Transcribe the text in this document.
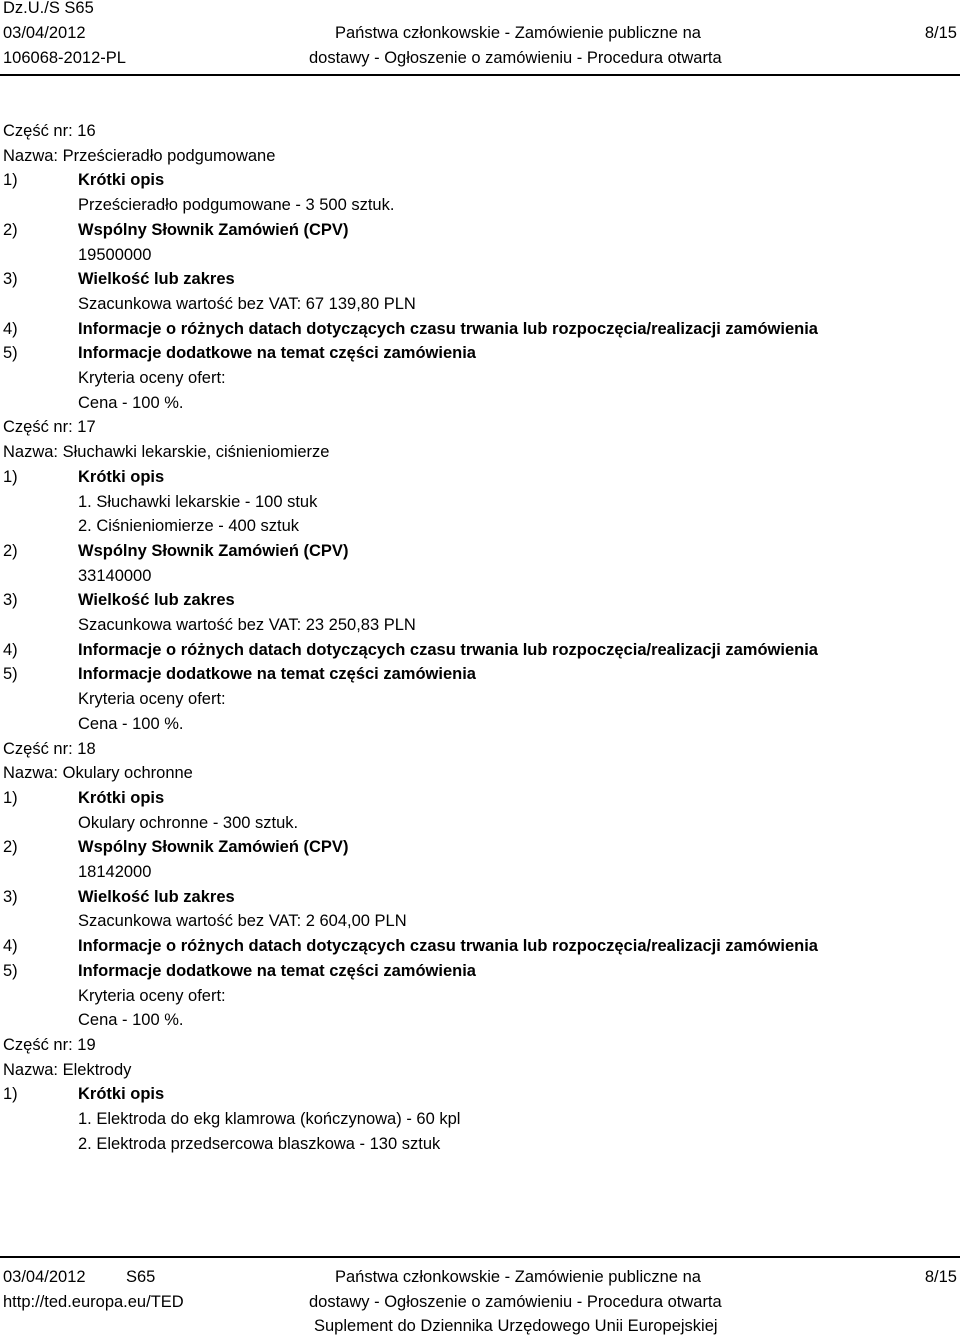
Dz.U./S S65
03/04/2012
106068-2012-PL
Państwa członkowskie - Zamówienie publiczne na
dostawy - Ogłoszenie o zamówieniu - Procedura otwarta
8/15
Część nr: 16
Nazwa: Prześcieradło podgumowane
1)	Krótki opis
Prześcieradło podgumowane - 3 500 sztuk.
2)	Wspólny Słownik Zamówień (CPV)
19500000
3)	Wielkość lub zakres
Szacunkowa wartość bez VAT: 67 139,80 PLN
4)	Informacje o różnych datach dotyczących czasu trwania lub rozpoczęcia/realizacji zamówienia
5)	Informacje dodatkowe na temat części zamówienia
Kryteria oceny ofert:
Cena - 100 %.
Część nr: 17
Nazwa: Słuchawki lekarskie, ciśnieniomierze
1)	Krótki opis
1. Słuchawki lekarskie - 100 stuk
2. Ciśnieniomierze - 400 sztuk
2)	Wspólny Słownik Zamówień (CPV)
33140000
3)	Wielkość lub zakres
Szacunkowa wartość bez VAT: 23 250,83 PLN
4)	Informacje o różnych datach dotyczących czasu trwania lub rozpoczęcia/realizacji zamówienia
5)	Informacje dodatkowe na temat części zamówienia
Kryteria oceny ofert:
Cena - 100 %.
Część nr: 18
Nazwa: Okulary ochronne
1)	Krótki opis
Okulary ochronne - 300 sztuk.
2)	Wspólny Słownik Zamówień (CPV)
18142000
3)	Wielkość lub zakres
Szacunkowa wartość bez VAT: 2 604,00 PLN
4)	Informacje o różnych datach dotyczących czasu trwania lub rozpoczęcia/realizacji zamówienia
5)	Informacje dodatkowe na temat części zamówienia
Kryteria oceny ofert:
Cena - 100 %.
Część nr: 19
Nazwa: Elektrody
1)	Krótki opis
1. Elektroda do ekg klamrowa (kończynowa) - 60 kpl
2. Elektroda przedsercowa blaszkowa - 130 sztuk
03/04/2012 S65
http://ted.europa.eu/TED
Państwa członkowskie - Zamówienie publiczne na
dostawy - Ogłoszenie o zamówieniu - Procedura otwarta
Suplement do Dziennika Urzędowego Unii Europejskiej
8/15
